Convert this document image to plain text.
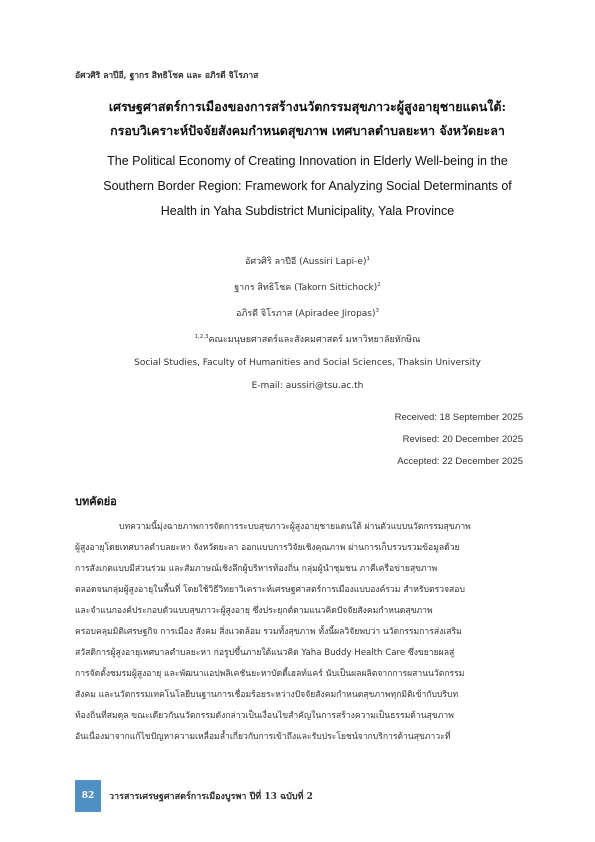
อัศวศิริ ลาปีอี, ฐากร สิทธิโชค และ อภิรดี จิโรภาส
เศรษฐศาสตร์การเมืองของการสร้างนวัตกรรมสุขภาวะผู้สูงอายุชายแดนใต้:
กรอบวิเคราะห์ปัจจัยสังคมกำหนดสุขภาพ เทศบาลตำบลยะหา จังหวัดยะลา
The Political Economy of Creating Innovation in Elderly Well-being in the
Southern Border Region: Framework for Analyzing Social Determinants of
Health in Yaha Subdistrict Municipality, Yala Province
อัศวศิริ ลาปีอี (Aussiri Lapi-e)$^1$
ฐากร สิทธิโชค (Takorn Sittichock)$^2$
อภิรดี จิโรภาส (Apiradee Jiropas)$^3$
$^{1,2,3}$คณะมนุษยศาสตร์และสังคมศาสตร์ มหาวิทยาลัยทักษิณ
Social Studies, Faculty of Humanities and Social Sciences, Thaksin University
E-mail: aussiri@tsu.ac.th
Received: 18 September 2025
Revised: 20 December 2025
Accepted: 22 December 2025
บทคัดย่อ
บทความนี้มุ่งฉายภาพการจัดการระบบสุขภาวะผู้สูงอายุชายแดนใต้ ผ่านตัวแบบนวัตกรรมสุขภาพ
ผู้สูงอายุโดยเทศบาลตำบลยะหา จังหวัดยะลา ออกแบบการวิจัยเชิงคุณภาพ ผ่านการเก็บรวบรวมข้อมูลด้วย
การสังเกตแบบมีส่วนร่วม และสัมภาษณ์เชิงลึกผู้บริหารท้องถิ่น กลุ่มผู้นำชุมชน ภาคีเครือข่ายสุขภาพ
ตลอดจนกลุ่มผู้สูงอายุในพื้นที่ โดยใช้วิธีวิทยาวิเคราะห์เศรษฐศาสตร์การเมืองแบบองค์รวม สำหรับตรวจสอบ
และจำแนกองค์ประกอบตัวแบบสุขภาวะผู้สูงอายุ ซึ่งประยุกต์ตามแนวคิดปัจจัยสังคมกำหนดสุขภาพ
ครอบคลุมมิติเศรษฐกิจ การเมือง สังคม สิ่งแวดล้อม รวมทั้งสุขภาพ ทั้งนี้ผลวิจัยพบว่า นวัตกรรมการส่งเสริม
สวัสดิการผู้สูงอายุเทศบาลตำบลยะหา ก่อรูปขึ้นภายใต้แนวคิด Yaha Buddy Health Care ซึ่งขยายผลสู่
การจัดตั้งชมรมผู้สูงอายุ และพัฒนาแอปพลิเคชันยะหาบัดดี้เฮลท์แคร์ นับเป็นผลผลิตจากการผสานนวัตกรรม
สังคม และนวัตกรรมเทคโนโลยีบนฐานการเชื่อมร้อยระหว่างปัจจัยสังคมกำหนดสุขภาพทุกมิติเข้ากับบริบท
ท้องถิ่นที่สมดุล ขณะเดียวกันนวัตกรรมดังกล่าวเป็นเงื่อนไขสำคัญในการสร้างความเป็นธรรมด้านสุขภาพ
อันเนื่องมาจากแก้ไขปัญหาความเหลื่อมล้ำเกี่ยวกับการเข้าถึงและรับประโยชน์จากบริการด้านสุขภาวะที่
82	วารสารเศรษฐศาสตร์การเมืองบูรพา ปีที่ 13 ฉบับที่ 2
